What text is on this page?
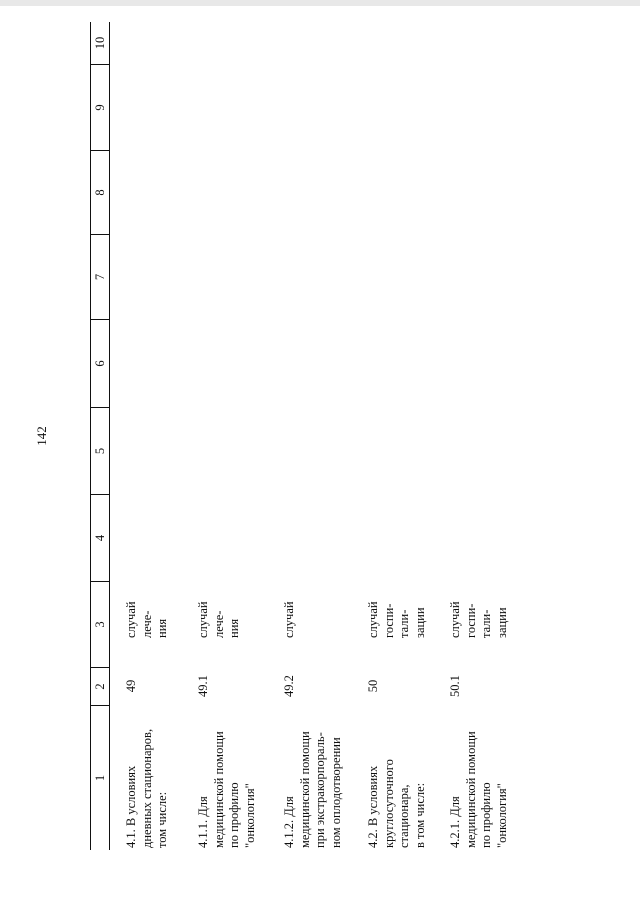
142
1
2
3
4
5
6
7
8
9
10
4.1. В условиях
дневных стационаров,
том числе:
49
случай
лече-
ния
4.1.1. Для
медицинской помощи
по профилю
"онкология"
49.1
случай
лече-
ния
4.1.2. Для
медицинской помощи
при экстракорпораль-
ном оплодотворении
49.2
случай
4.2. В условиях
круглосуточного
стационара,
в том числе:
50
случай
госпи-
тали-
зации
4.2.1. Для
медицинской помощи
по профилю
"онкология"
50.1
случай
госпи-
тали-
зации
